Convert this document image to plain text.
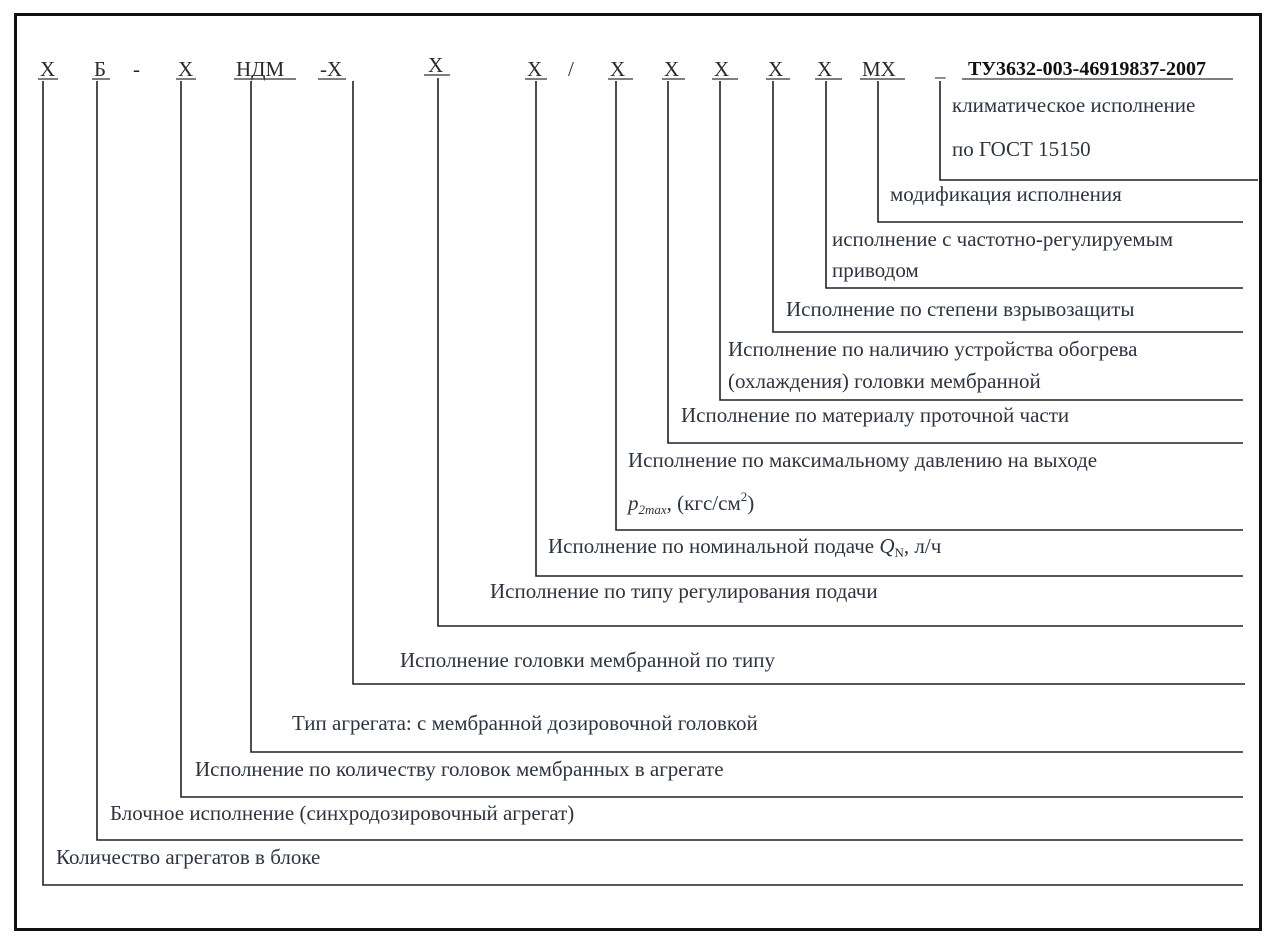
Х Б - Х НДМ -Х	Х	Х / Х Х Х Х Х МХ _ ТУ3632-003-46919837-2007
климатическое исполнение
по ГОСТ 15150
модификация исполнения
исполнение с частотно-регулируемым
приводом
Исполнение по степени взрывозащиты
Исполнение по наличию устройства обогрева
(охлаждения) головки мембранной
Исполнение по материалу проточной части
Исполнение по максимальному давлению на выходе
p2max, $(кгс/см^2)$
Исполнение по номинальной подаче QN, л/ч
Исполнение по типу регулирования подачи
Исполнение головки мембранной по типу
Тип агрегата: с мембранной дозировочной головкой
Исполнение по количеству головок мембранных в агрегате
Блочное исполнение (синхродозировочный агрегат)
Количество агрегатов в блоке
